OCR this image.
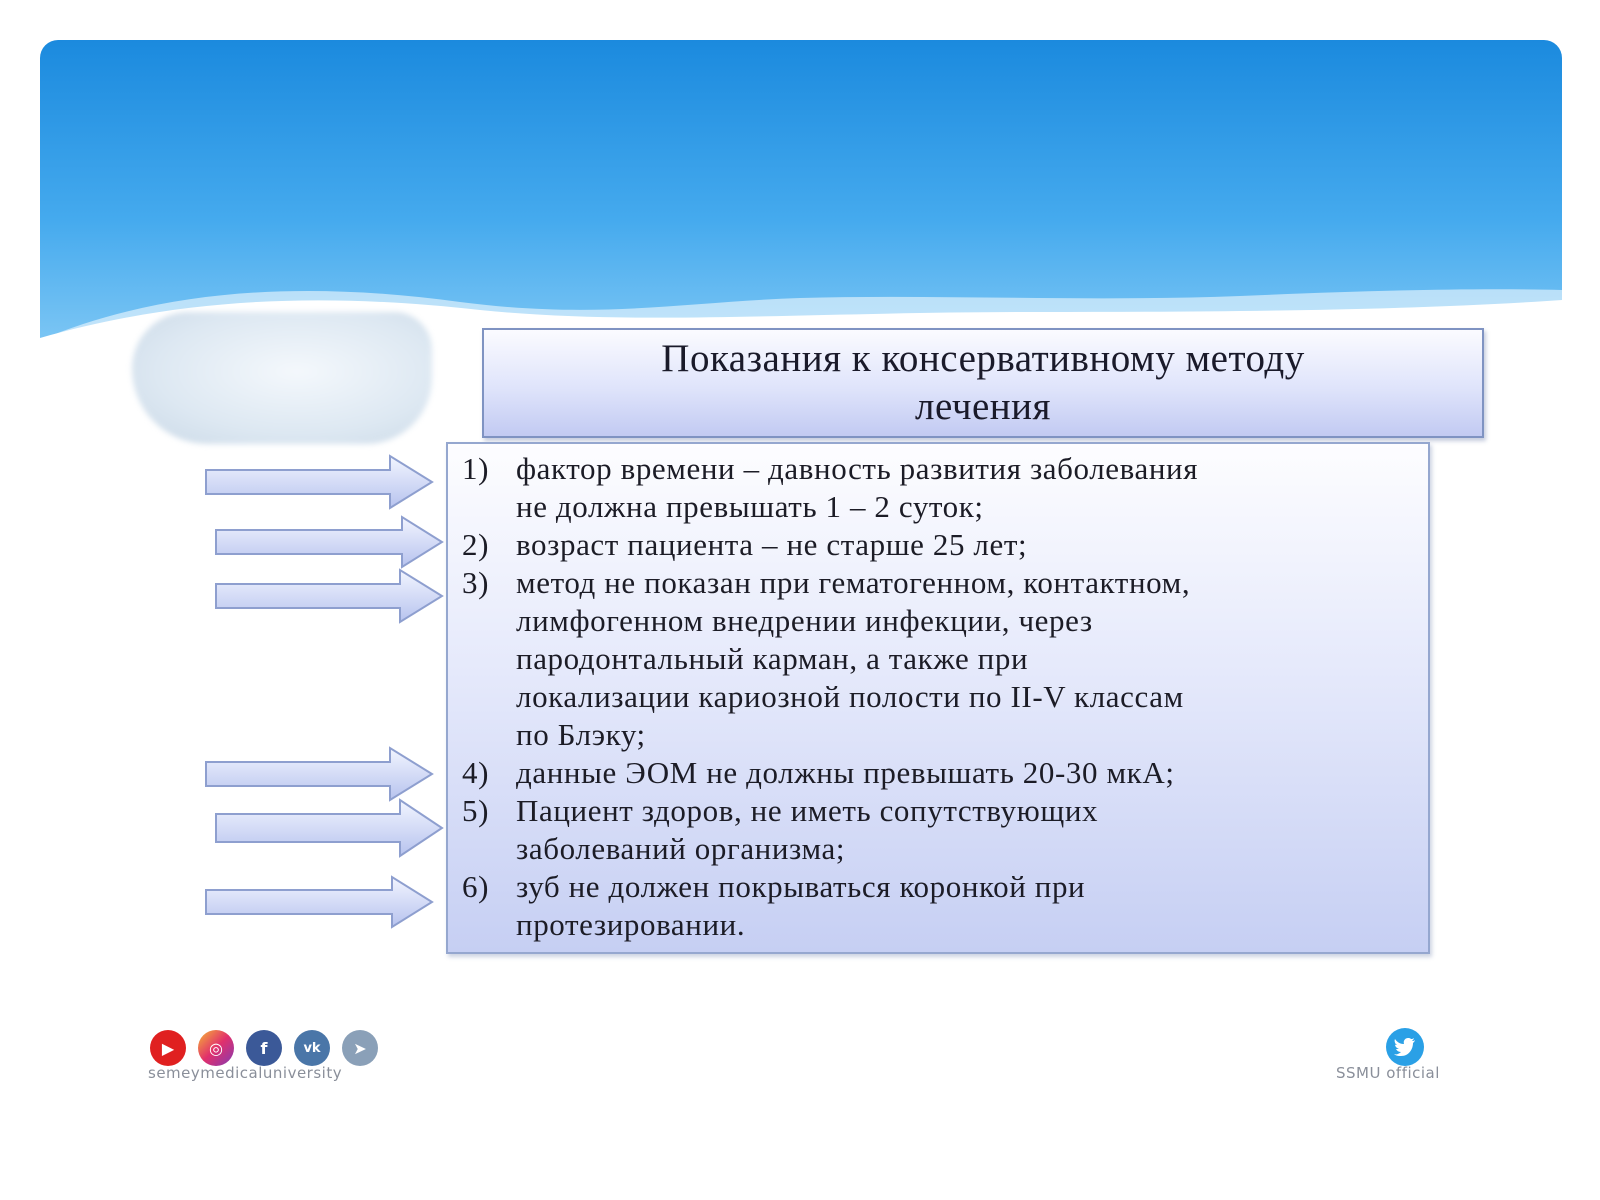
Показания к консервативному методу
лечения
1) фактор времени – давность развития заболевания
не должна превышать 1 – 2 суток;
2) возраст пациента – не старше 25 лет;
3) метод не показан при гематогенном, контактном,
лимфогенном внедрении инфекции, через
пародонтальный карман, а также при
локализации кариозной полости по II-V классам
по Блэку;
4) данные ЭОМ не должны превышать 20-30 мкА;
5) Пациент здоров, не иметь сопутствующих
заболеваний организма;
6) зуб не должен покрываться коронкой при
протезировании.
▶	◎	f	vk	➤
semeymedicaluniversity	SSMU official
